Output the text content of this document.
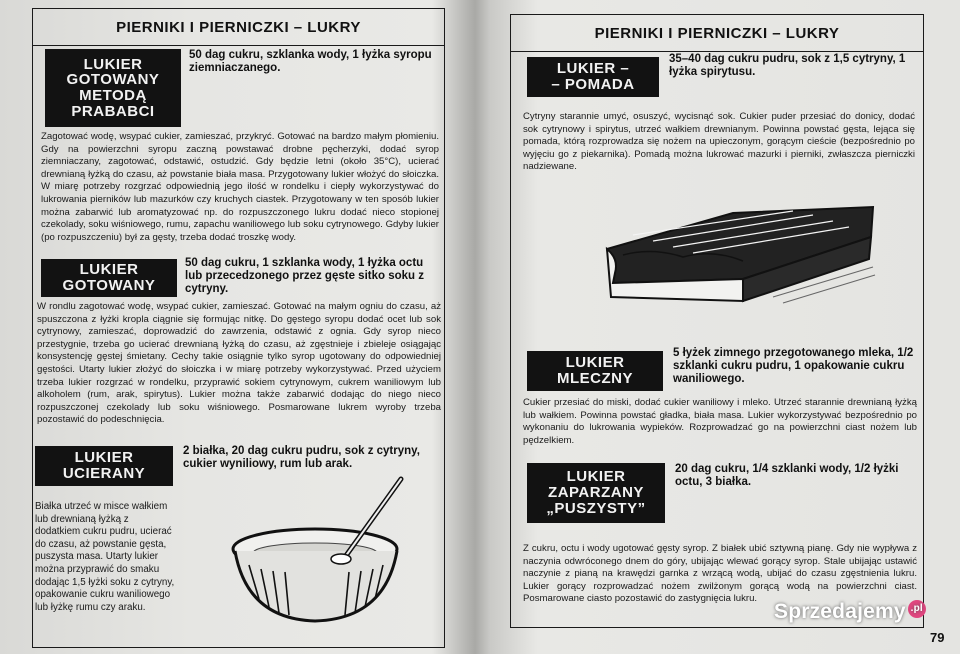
PIERNIKI I PIERNICZKI – LUKRY
LUKIER
GOTOWANY
METODĄ
PRABABCI
50 dag cukru, szklanka wody, 1 łyżka syropu ziemniaczanego.
Zagotować wodę, wsypać cukier, zamieszać, przykryć. Gotować na bardzo małym płomieniu. Gdy na powierzchni syropu zaczną powstawać drobne pęcherzyki, dodać syrop ziemniaczany, zagotować, odstawić, ostudzić. Gdy będzie letni (około 35°C), ucierać drewnianą łyżką do czasu, aż powstanie biała masa. Przygotowany lukier włożyć do słoiczka. W miarę potrzeby rozgrzać odpowiednią jego ilość w rondelku i ciepły wykorzystywać do lukrowania pierników lub mazurków czy kruchych ciastek. Przygotowany w ten sposób lukier można zabarwić lub aromatyzować np. do rozpuszczonego lukru dodać nieco stopionej czekolady, soku wiśniowego, rumu, zapachu waniliowego lub soku cytrynowego. Gdyby lukier (po rozpuszczeniu) był za gęsty, trzeba dodać troszkę wody.
LUKIER
GOTOWANY
50 dag cukru, 1 szklanka wody, 1 łyżka octu lub przecedzonego przez gęste sitko soku z cytryny.
W rondlu zagotować wodę, wsypać cukier, zamieszać. Gotować na małym ogniu do czasu, aż spuszczona z łyżki kropla ciągnie się formując nitkę. Do gęstego syropu dodać ocet lub sok cytrynowy, zamieszać, doprowadzić do zawrzenia, odstawić z ognia. Gdy syrop nieco przestygnie, trzeba go ucierać drewnianą łyżką do czasu, aż zgęstnieje i zbieleje osiągając konsystencję gęstej śmietany. Cechy takie osiągnie tylko syrop ugotowany do odpowiedniej gęstości. Utarty lukier złożyć do słoiczka i w miarę potrzeby wykorzystywać. Przed użyciem trzeba lukier rozgrzać w rondelku, przyprawić sokiem cytrynowym, cukrem waniliowym lub alkoholem (rum, arak, spirytus). Lukier można także zabarwić dodając do niego nieco rozpuszczonej czekolady lub soku wiśniowego. Posmarowane lukrem wyroby trzeba pozostawić do podeschnięcia.
LUKIER
UCIERANY
2 białka, 20 dag cukru pudru, sok z cytryny, cukier wyniliowy, rum lub arak.
Białka utrzeć w misce wałkiem lub drewnianą łyżką z dodatkiem cukru pudru, ucierać do czasu, aż powstanie gęsta, puszysta masa. Utarty lukier można przyprawić do smaku dodając 1,5 łyżki soku z cytryny, opakowanie cukru waniliowego lub łyżkę rumu czy araku.
PIERNIKI I PIERNICZKI – LUKRY
LUKIER –
– POMADA
35–40 dag cukru pudru, sok z 1,5 cytryny, 1 łyżka spirytusu.
Cytryny starannie umyć, osuszyć, wycisnąć sok. Cukier puder przesiać do donicy, dodać sok cytrynowy i spirytus, utrzeć wałkiem drewnianym. Powinna powstać gęsta, lejąca się pomada, którą rozprowadza się nożem na upieczonym, gorącym cieście (bezpośrednio po wyjęciu go z piekarnika). Pomadą można lukrować mazurki i pierniki, zwłaszcza pierniczki nadziewane.
LUKIER
MLECZNY
5 łyżek zimnego przegotowanego mleka, 1/2 szklanki cukru pudru, 1 opakowanie cukru waniliowego.
Cukier przesiać do miski, dodać cukier waniliowy i mleko. Utrzeć starannie drewnianą łyżką lub wałkiem. Powinna powstać gładka, biała masa. Lukier wykorzystywać bezpośrednio po wykonaniu do lukrowania wypieków. Rozprowadzać go na powierzchni ciast nożem lub pędzelkiem.
LUKIER
ZAPARZANY
„PUSZYSTY”
20 dag cukru, 1/4 szklanki wody, 1/2 łyżki octu, 3 białka.
Z cukru, octu i wody ugotować gęsty syrop. Z białek ubić sztywną pianę. Gdy nie wypływa z naczynia odwróconego dnem do góry, ubijając wlewać gorący syrop. Stale ubijając ustawić naczynie z pianą na krawędzi garnka z wrzącą wodą, ubijać do czasu zgęstnienia lukru. Lukier gorący rozprowadzać nożem zwilżonym gorącą wodą na powierzchni ciast. Posmarowane ciasto pozostawić do zastygnięcia lukru.
79
Sprzedajemy .pl
